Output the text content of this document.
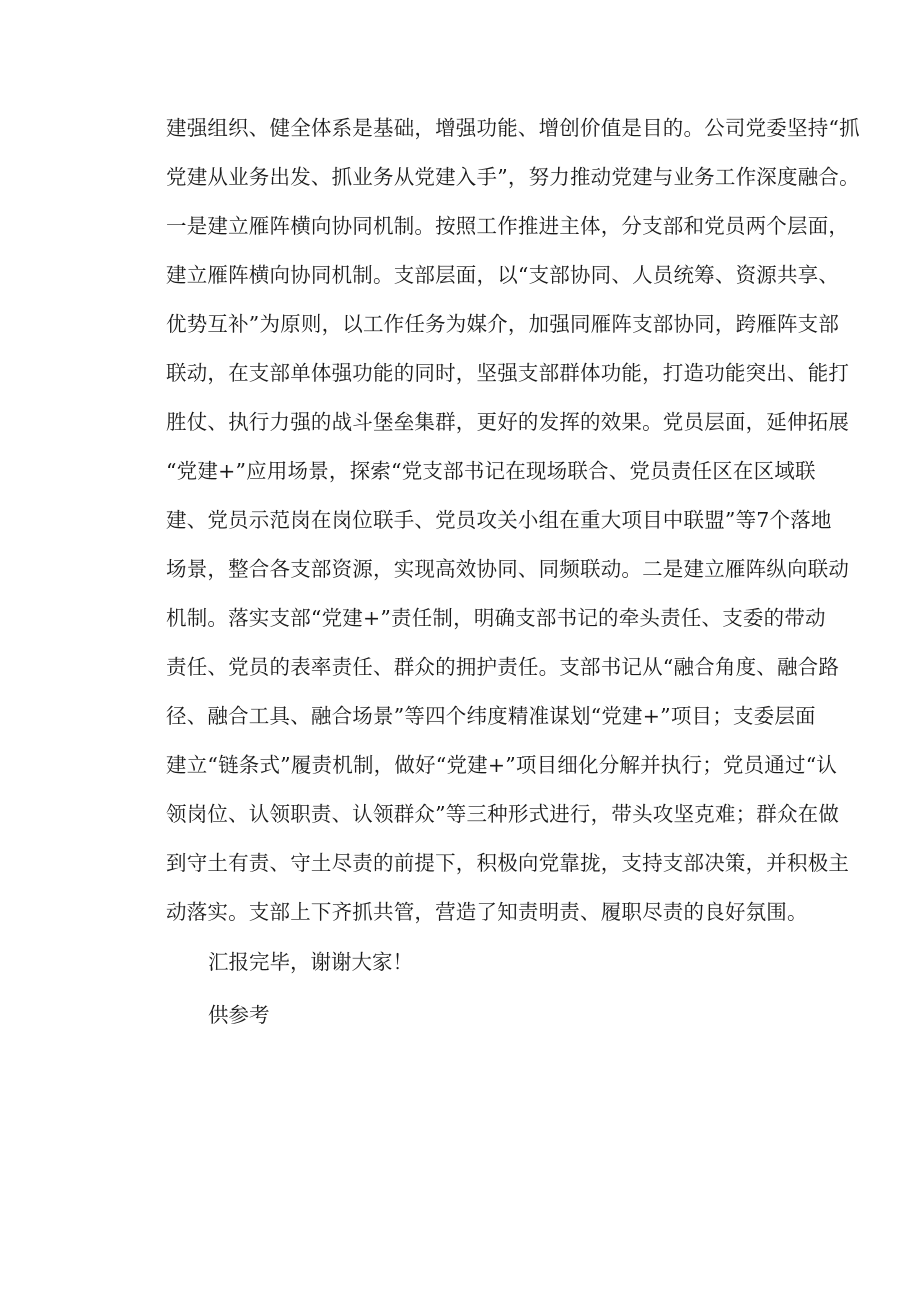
建强组织、健全体系是基础，增强功能、增创价值是目的。公司党委坚持“抓
党建从业务出发、抓业务从党建入手”，努力推动党建与业务工作深度融合。
一是建立雁阵横向协同机制。按照工作推进主体，分支部和党员两个层面，
建立雁阵横向协同机制。支部层面，以“支部协同、人员统筹、资源共享、
优势互补”为原则，以工作任务为媒介，加强同雁阵支部协同，跨雁阵支部
联动，在支部单体强功能的同时，坚强支部群体功能，打造功能突出、能打
胜仗、执行力强的战斗堡垒集群，更好的发挥的效果。党员层面，延伸拓展
“党建+”应用场景，探索“党支部书记在现场联合、党员责任区在区域联
建、党员示范岗在岗位联手、党员攻关小组在重大项目中联盟”等7个落地
场景，整合各支部资源，实现高效协同、同频联动。二是建立雁阵纵向联动
机制。落实支部“党建+”责任制，明确支部书记的牵头责任、支委的带动
责任、党员的表率责任、群众的拥护责任。支部书记从“融合角度、融合路
径、融合工具、融合场景”等四个纬度精准谋划“党建+”项目；支委层面
建立“链条式”履责机制，做好“党建+”项目细化分解并执行；党员通过“认
领岗位、认领职责、认领群众”等三种形式进行，带头攻坚克难；群众在做
到守土有责、守土尽责的前提下，积极向党靠拢，支持支部决策，并积极主
动落实。支部上下齐抓共管，营造了知责明责、履职尽责的良好氛围。
汇报完毕，谢谢大家！
供参考
